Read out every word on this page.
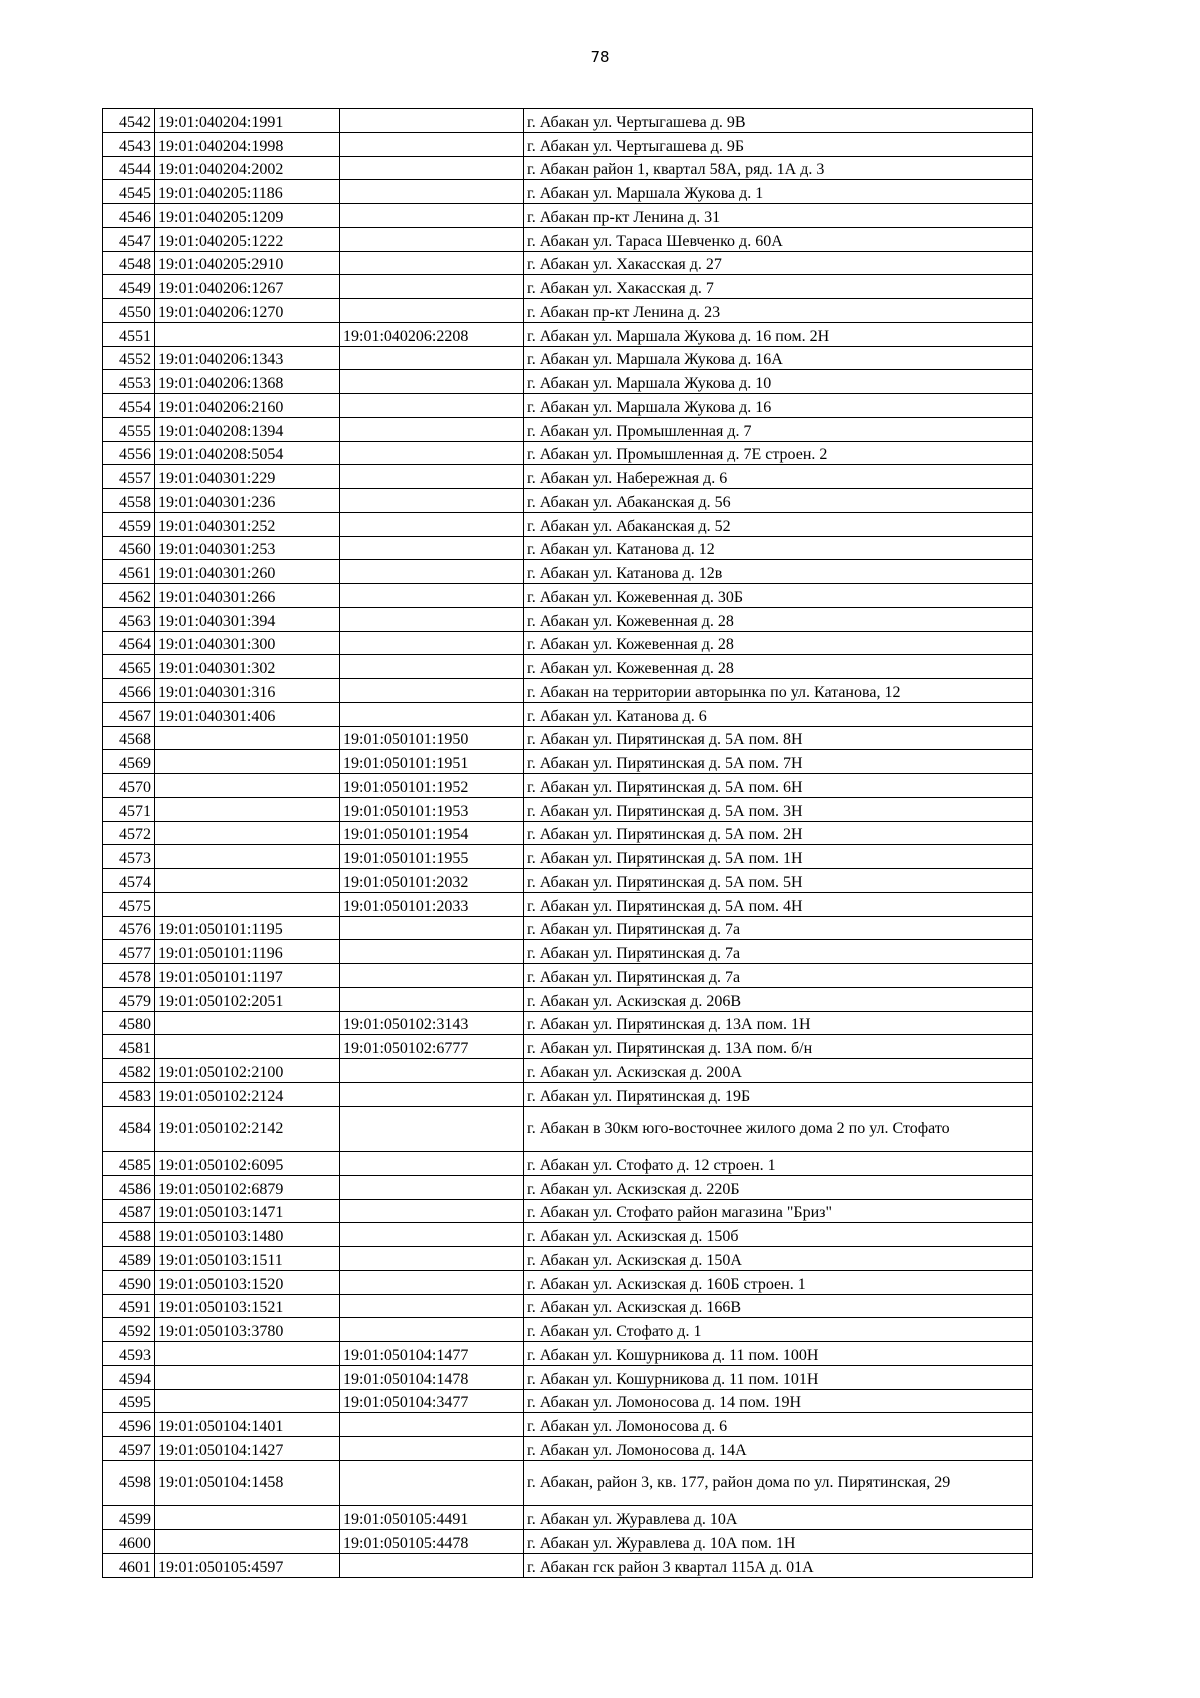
78
4542	19:01:040204:1991		г. Абакан ул. Чертыгашева д. 9В
4543	19:01:040204:1998		г. Абакан ул. Чертыгашева д. 9Б
4544	19:01:040204:2002		г. Абакан район 1, квартал 58А, ряд. 1А д. 3
4545	19:01:040205:1186		г. Абакан ул. Маршала Жукова д. 1
4546	19:01:040205:1209		г. Абакан пр-кт Ленина д. 31
4547	19:01:040205:1222		г. Абакан ул. Тараса Шевченко д. 60А
4548	19:01:040205:2910		г. Абакан ул. Хакасская д. 27
4549	19:01:040206:1267		г. Абакан ул. Хакасская д. 7
4550	19:01:040206:1270		г. Абакан пр-кт Ленина д. 23
4551		19:01:040206:2208	г. Абакан ул. Маршала Жукова д. 16 пом. 2Н
4552	19:01:040206:1343		г. Абакан ул. Маршала Жукова д. 16А
4553	19:01:040206:1368		г. Абакан ул. Маршала Жукова д. 10
4554	19:01:040206:2160		г. Абакан ул. Маршала Жукова д. 16
4555	19:01:040208:1394		г. Абакан ул. Промышленная д. 7
4556	19:01:040208:5054		г. Абакан ул. Промышленная д. 7Е строен. 2
4557	19:01:040301:229		г. Абакан ул. Набережная д. 6
4558	19:01:040301:236		г. Абакан ул. Абаканская д. 56
4559	19:01:040301:252		г. Абакан ул. Абаканская д. 52
4560	19:01:040301:253		г. Абакан ул. Катанова д. 12
4561	19:01:040301:260		г. Абакан ул. Катанова д. 12в
4562	19:01:040301:266		г. Абакан ул. Кожевенная д. 30Б
4563	19:01:040301:394		г. Абакан ул. Кожевенная д. 28
4564	19:01:040301:300		г. Абакан ул. Кожевенная д. 28
4565	19:01:040301:302		г. Абакан ул. Кожевенная д. 28
4566	19:01:040301:316		г. Абакан на территории авторынка по ул. Катанова, 12
4567	19:01:040301:406		г. Абакан ул. Катанова д. 6
4568		19:01:050101:1950	г. Абакан ул. Пирятинская д. 5А пом. 8Н
4569		19:01:050101:1951	г. Абакан ул. Пирятинская д. 5А пом. 7Н
4570		19:01:050101:1952	г. Абакан ул. Пирятинская д. 5А пом. 6Н
4571		19:01:050101:1953	г. Абакан ул. Пирятинская д. 5А пом. 3Н
4572		19:01:050101:1954	г. Абакан ул. Пирятинская д. 5А пом. 2Н
4573		19:01:050101:1955	г. Абакан ул. Пирятинская д. 5А пом. 1Н
4574		19:01:050101:2032	г. Абакан ул. Пирятинская д. 5А пом. 5Н
4575		19:01:050101:2033	г. Абакан ул. Пирятинская д. 5А пом. 4Н
4576	19:01:050101:1195		г. Абакан ул. Пирятинская д. 7а
4577	19:01:050101:1196		г. Абакан ул. Пирятинская д. 7а
4578	19:01:050101:1197		г. Абакан ул. Пирятинская д. 7а
4579	19:01:050102:2051		г. Абакан ул. Аскизская д. 206В
4580		19:01:050102:3143	г. Абакан ул. Пирятинская д. 13А пом. 1Н
4581		19:01:050102:6777	г. Абакан ул. Пирятинская д. 13А пом. б/н
4582	19:01:050102:2100		г. Абакан ул. Аскизская д. 200А
4583	19:01:050102:2124		г. Абакан ул. Пирятинская д. 19Б
4584	19:01:050102:2142		г. Абакан в 30км юго-восточнее жилого дома 2 по ул. Стофато
4585	19:01:050102:6095		г. Абакан ул. Стофато д. 12 строен. 1
4586	19:01:050102:6879		г. Абакан ул. Аскизская д. 220Б
4587	19:01:050103:1471		г. Абакан ул. Стофато район магазина "Бриз"
4588	19:01:050103:1480		г. Абакан ул. Аскизская д. 150б
4589	19:01:050103:1511		г. Абакан ул. Аскизская д. 150А
4590	19:01:050103:1520		г. Абакан ул. Аскизская д. 160Б строен. 1
4591	19:01:050103:1521		г. Абакан ул. Аскизская д. 166В
4592	19:01:050103:3780		г. Абакан ул. Стофато д. 1
4593		19:01:050104:1477	г. Абакан ул. Кошурникова д. 11 пом. 100Н
4594		19:01:050104:1478	г. Абакан ул. Кошурникова д. 11 пом. 101Н
4595		19:01:050104:3477	г. Абакан ул. Ломоносова д. 14 пом. 19Н
4596	19:01:050104:1401		г. Абакан ул. Ломоносова д. 6
4597	19:01:050104:1427		г. Абакан ул. Ломоносова д. 14А
4598	19:01:050104:1458		г. Абакан, район 3, кв. 177, район дома по ул. Пирятинская, 29
4599		19:01:050105:4491	г. Абакан ул. Журавлева д. 10А
4600		19:01:050105:4478	г. Абакан ул. Журавлева д. 10А пом. 1Н
4601	19:01:050105:4597		г. Абакан гск район 3 квартал 115А д. 01А
